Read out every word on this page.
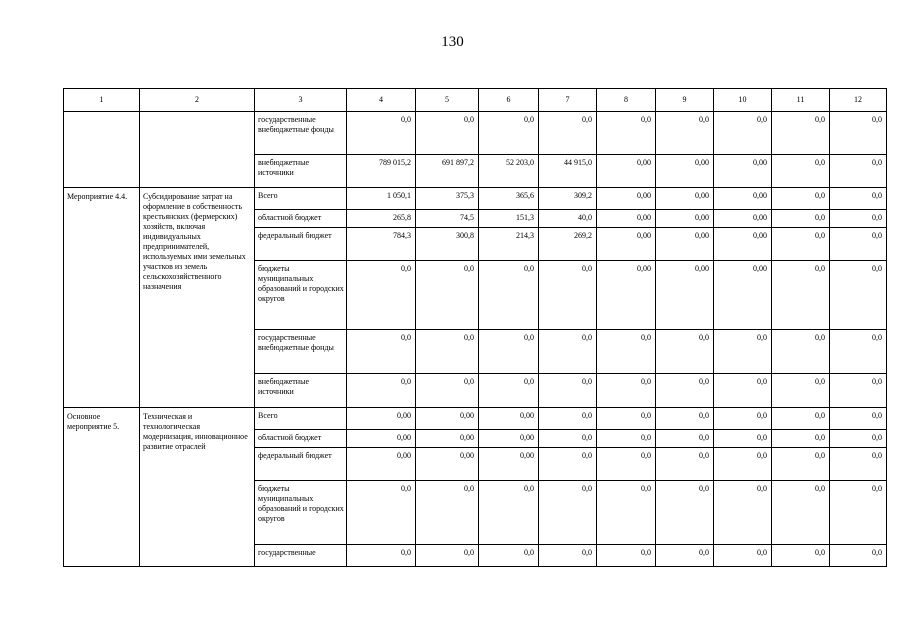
130
1	2	3	4	5	6	7	8	9	10	11	12
		государственные внебюджетные фонды	0,0	0,0	0,0	0,0	0,0	0,0	0,0	0,0	0,0
		внебюджетные источники	789 015,2	691 897,2	52 203,0	44 915,0	0,00	0,00	0,00	0,0	0,0
Мероприятие 4.4.	Субсидирование затрат на оформление в собственность крестьянских (фермерских) хозяйств, включая индивидуальных предпринимателей, используемых ими земельных участков из земель сельскохозяйственного назначения	Всего	1 050,1	375,3	365,6	309,2	0,00	0,00	0,00	0,0	0,0
		областной бюджет	265,8	74,5	151,3	40,0	0,00	0,00	0,00	0,0	0,0
		федеральный бюджет	784,3	300,8	214,3	269,2	0,00	0,00	0,00	0,0	0,0
		бюджеты муниципальных образований и городских округов	0,0	0,0	0,0	0,0	0,00	0,00	0,00	0,0	0,0
		государственные внебюджетные фонды	0,0	0,0	0,0	0,0	0,0	0,0	0,0	0,0	0,0
		внебюджетные источники	0,0	0,0	0,0	0,0	0,0	0,0	0,0	0,0	0,0
Основное мероприятие 5.	Техническая и технологическая модернизация, инновационное развитие отраслей	Всего	0,00	0,00	0,00	0,0	0,0	0,0	0,0	0,0	0,0
		областной бюджет	0,00	0,00	0,00	0,0	0,0	0,0	0,0	0,0	0,0
		федеральный бюджет	0,00	0,00	0,00	0,0	0,0	0,0	0,0	0,0	0,0
		бюджеты муниципальных образований и городских округов	0,0	0,0	0,0	0,0	0,0	0,0	0,0	0,0	0,0
		государственные	0,0	0,0	0,0	0,0	0,0	0,0	0,0	0,0	0,0
